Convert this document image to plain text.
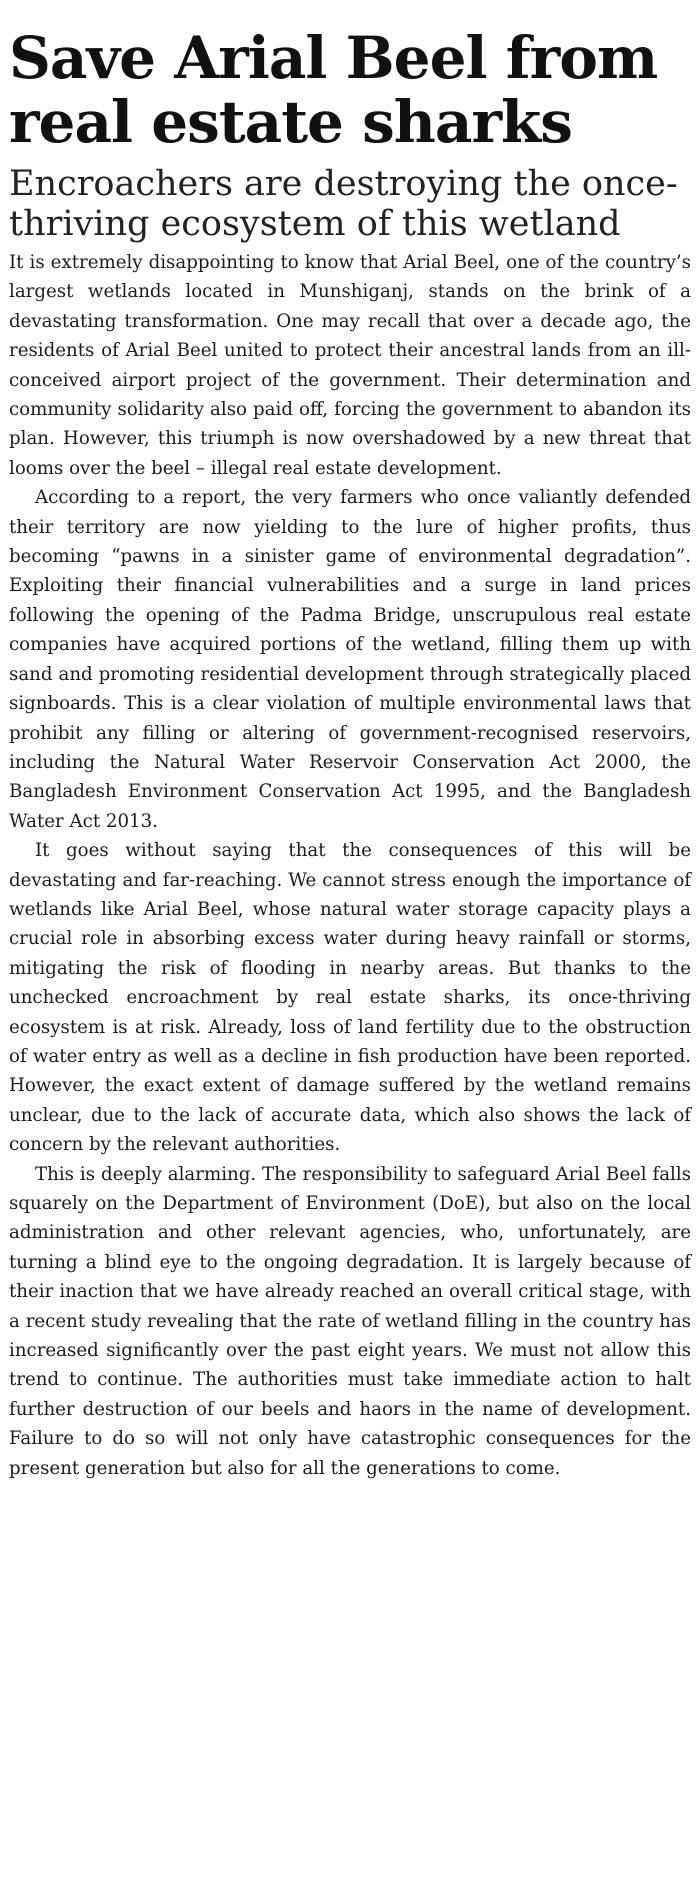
Save Arial Beel from real estate sharks
Encroachers are destroying the once-thriving ecosystem of this wetland

It is extremely disappointing to know that Arial Beel, one of the country’s largest wetlands located in Munshiganj, stands on the brink of a devastating transformation. One may recall that over a decade ago, the residents of Arial Beel united to protect their ancestral lands from an ill-conceived airport project of the government. Their determination and community solidarity also paid off, forcing the government to abandon its plan. However, this triumph is now overshadowed by a new threat that looms over the beel – illegal real estate development.

According to a report, the very farmers who once valiantly defended their territory are now yielding to the lure of higher profits, thus becoming “pawns in a sinister game of environmental degradation”. Exploiting their financial vulnerabilities and a surge in land prices following the opening of the Padma Bridge, unscrupulous real estate companies have acquired portions of the wetland, filling them up with sand and promoting residential development through strategically placed signboards. This is a clear violation of multiple environmental laws that prohibit any filling or altering of government-recognised reservoirs, including the Natural Water Reservoir Conservation Act 2000, the Bangladesh Environment Conservation Act 1995, and the Bangladesh Water Act 2013.

It goes without saying that the consequences of this will be devastating and far-reaching. We cannot stress enough the importance of wetlands like Arial Beel, whose natural water storage capacity plays a crucial role in absorbing excess water during heavy rainfall or storms, mitigating the risk of flooding in nearby areas. But thanks to the unchecked encroachment by real estate sharks, its once-thriving ecosystem is at risk. Already, loss of land fertility due to the obstruction of water entry as well as a decline in fish production have been reported. However, the exact extent of damage suffered by the wetland remains unclear, due to the lack of accurate data, which also shows the lack of concern by the relevant authorities.

This is deeply alarming. The responsibility to safeguard Arial Beel falls squarely on the Department of Environment (DoE), but also on the local administration and other relevant agencies, who, unfortunately, are turning a blind eye to the ongoing degradation. It is largely because of their inaction that we have already reached an overall critical stage, with a recent study revealing that the rate of wetland filling in the country has increased significantly over the past eight years. We must not allow this trend to continue. The authorities must take immediate action to halt further destruction of our beels and haors in the name of development. Failure to do so will not only have catastrophic consequences for the present generation but also for all the generations to come.
